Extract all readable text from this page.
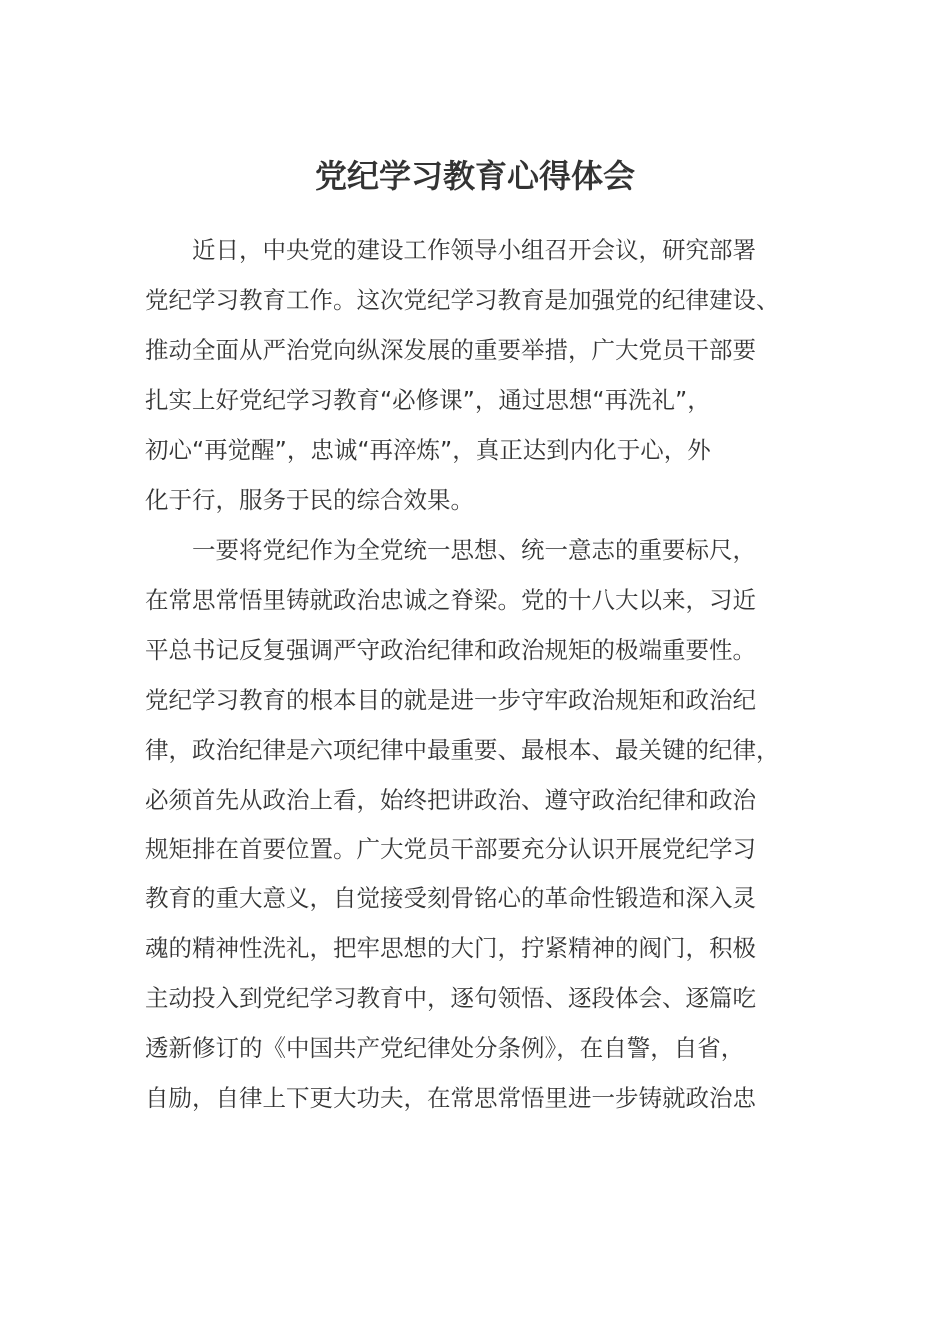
党纪学习教育心得体会
　　近日，中央党的建设工作领导小组召开会议，研究部署
党纪学习教育工作。这次党纪学习教育是加强党的纪律建设、
推动全面从严治党向纵深发展的重要举措，广大党员干部要
扎实上好党纪学习教育“必修课”，通过思想“再洗礼”，
初心“再觉醒”，忠诚“再淬炼”，真正达到内化于心，外
化于行，服务于民的综合效果。
　　一要将党纪作为全党统一思想、统一意志的重要标尺，
在常思常悟里铸就政治忠诚之脊梁。党的十八大以来，习近
平总书记反复强调严守政治纪律和政治规矩的极端重要性。
党纪学习教育的根本目的就是进一步守牢政治规矩和政治纪
律，政治纪律是六项纪律中最重要、最根本、最关键的纪律，
必须首先从政治上看，始终把讲政治、遵守政治纪律和政治
规矩排在首要位置。广大党员干部要充分认识开展党纪学习
教育的重大意义，自觉接受刻骨铭心的革命性锻造和深入灵
魂的精神性洗礼，把牢思想的大门，拧紧精神的阀门，积极
主动投入到党纪学习教育中，逐句领悟、逐段体会、逐篇吃
透新修订的《中国共产党纪律处分条例》，在自警，自省，
自励，自律上下更大功夫，在常思常悟里进一步铸就政治忠
